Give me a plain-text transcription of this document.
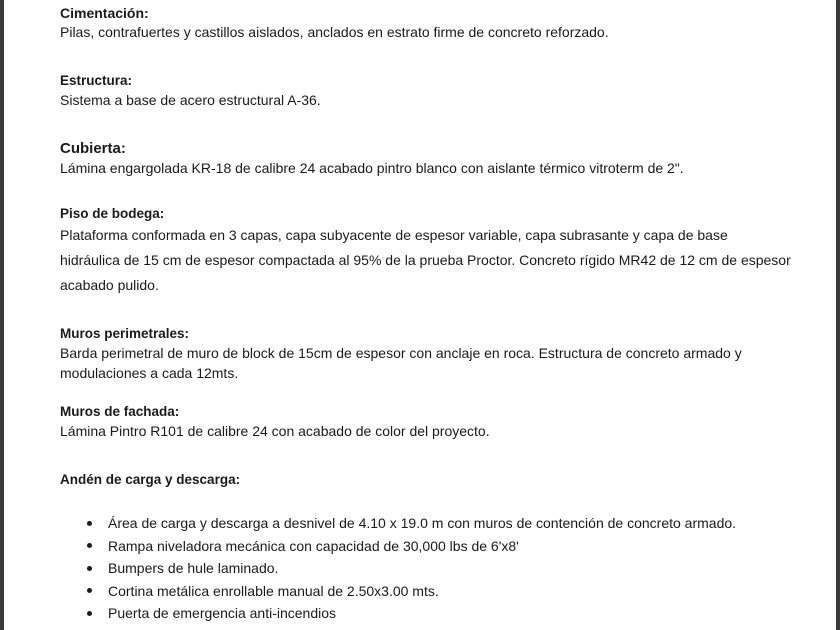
Cimentación:

Pilas, contrafuertes y castillos aislados, anclados en estrato firme de concreto reforzado.

Estructura:

Sistema a base de acero estructural A-36.

Cubierta:

Lámina engargolada KR-18 de calibre 24 acabado pintro blanco con aislante térmico vitroterm de 2".

Piso de bodega:

Plataforma conformada en 3 capas, capa subyacente de espesor variable, capa subrasante y capa de base

hidráulica de 15 cm de espesor compactada al 95% de la prueba Proctor. Concreto rígido MR42 de 12 cm de espesor

acabado pulido.

Muros perimetrales:

Barda perimetral de muro de block de 15cm de espesor con anclaje en roca. Estructura de concreto armado y

modulaciones a cada 12mts.

Muros de fachada:

Lámina Pintro R101 de calibre 24 con acabado de color del proyecto.

Andén de carga y descarga:

Área de carga y descarga a desnivel de 4.10 x 19.0 m con muros de contención de concreto armado.
Rampa niveladora mecánica con capacidad de 30,000 lbs de 6'x8'
Bumpers de hule laminado.
Cortina metálica enrollable manual de 2.50x3.00 mts.
Puerta de emergencia anti-incendios
